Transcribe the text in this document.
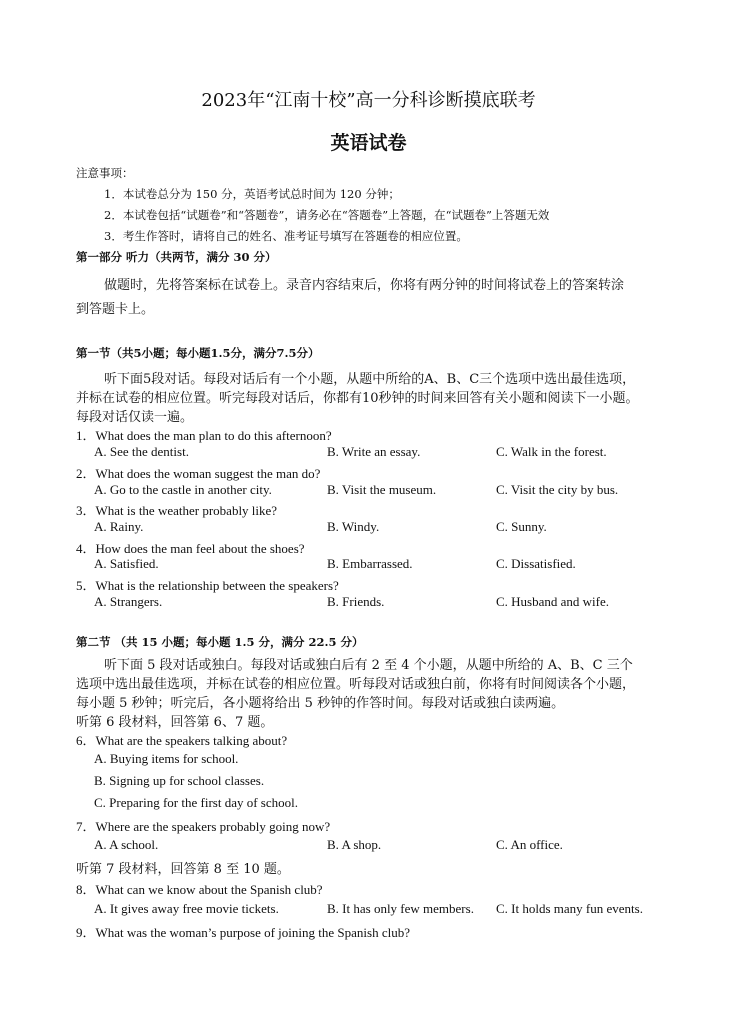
2023年“江南十校”高一分科诊断摸底联考
英语试卷
注意事项：
1．本试卷总分为 150 分，英语考试总时间为 120 分钟；
2．本试卷包括“试题卷”和“答题卷”，请务必在“答题卷”上答题，在“试题卷”上答题无效
3．考生作答时，请将自己的姓名、准考证号填写在答题卷的相应位置。
第一部分 听力（共两节，满分 30 分）
做题时，先将答案标在试卷上。录音内容结束后，你将有两分钟的时间将试卷上的答案转涂
到答题卡上。
第一节（共5小题；每小题1.5分，满分7.5分）
听下面5段对话。每段对话后有一个小题，从题中所给的A、B、C三个选项中选出最佳选项，
并标在试卷的相应位置。听完每段对话后，你都有10秒钟的时间来回答有关小题和阅读下一小题。
每段对话仅读一遍。
1．What does the man plan to do this afternoon?
A. See the dentist.	B. Write an essay.	C. Walk in the forest.
2．What does the woman suggest the man do?
A. Go to the castle in another city.	B. Visit the museum.	C. Visit the city by bus.
3．What is the weather probably like?
A. Rainy.	B. Windy.	C. Sunny.
4．How does the man feel about the shoes?
A. Satisfied.	B. Embarrassed.	C. Dissatisfied.
5．What is the relationship between the speakers?
A. Strangers.	B. Friends.	C. Husband and wife.
第二节 （共 15 小题；每小题 1.5 分，满分 22.5 分）
听下面 5 段对话或独白。每段对话或独白后有 2 至 4 个小题，从题中所给的 A、B、C 三个
选项中选出最佳选项，并标在试卷的相应位置。听每段对话或独白前，你将有时间阅读各个小题，
每小题 5 秒钟；听完后，各小题将给出 5 秒钟的作答时间。每段对话或独白读两遍。
听第 6 段材料，回答第 6、7 题。
6．What are the speakers talking about?
A. Buying items for school.
B. Signing up for school classes.
C. Preparing for the first day of school.
7．Where are the speakers probably going now?
A. A school.	B. A shop.	C. An office.
听第 7 段材料，回答第 8 至 10 题。
8．What can we know about the Spanish club?
A. It gives away free movie tickets.	B. It has only few members. C. It holds many fun events.
9．What was the woman’s purpose of joining the Spanish club?
